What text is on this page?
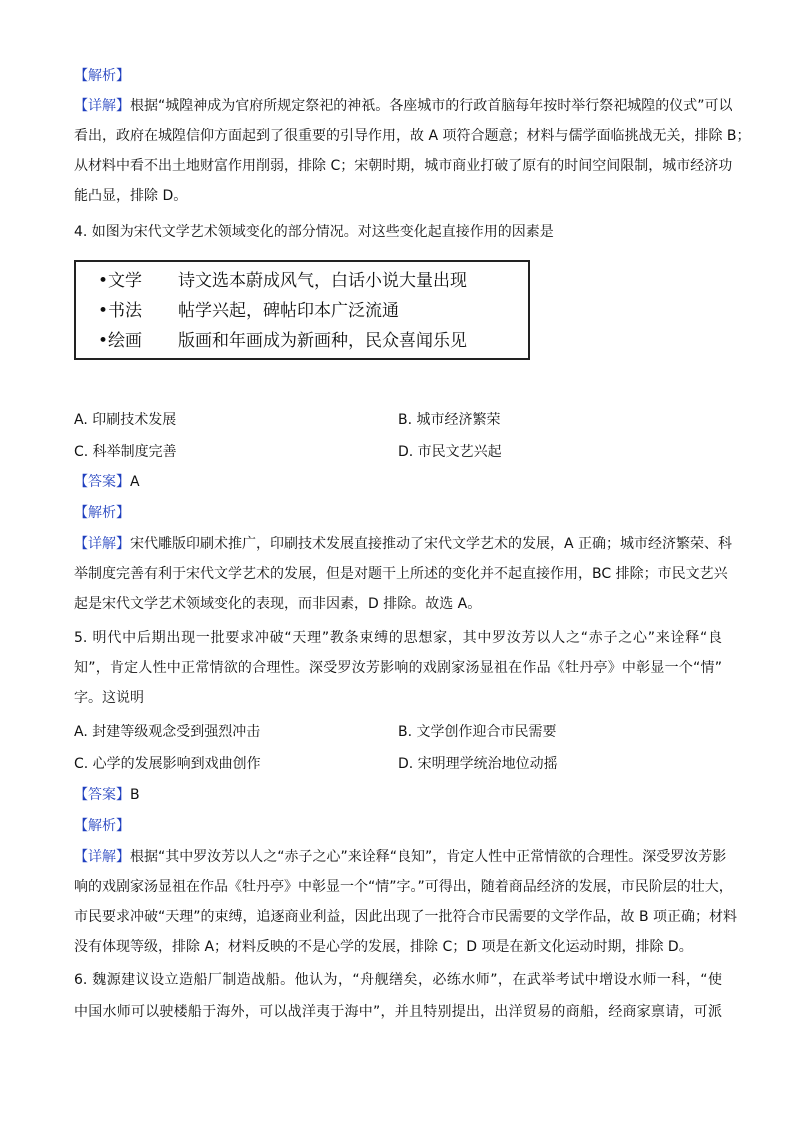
【解析】
【详解】根据“城隍神成为官府所规定祭祀的神祇。各座城市的行政首脑每年按时举行祭祀城隍的仪式”可以
看出，政府在城隍信仰方面起到了很重要的引导作用，故 A 项符合题意；材料与儒学面临挑战无关，排除 B；
从材料中看不出土地财富作用削弱，排除 C；宋朝时期，城市商业打破了原有的时间空间限制，城市经济功
能凸显，排除 D。
4. 如图为宋代文学艺术领域变化的部分情况。对这些变化起直接作用的因素是
•文学 诗文选本蔚成风气，白话小说大量出现
•书法 帖学兴起，碑帖印本广泛流通
•绘画 版画和年画成为新画种，民众喜闻乐见
A. 印刷技术发展	B. 城市经济繁荣
C. 科举制度完善	D. 市民文艺兴起
【答案】A
【解析】
【详解】宋代雕版印刷术推广，印刷技术发展直接推动了宋代文学艺术的发展，A 正确；城市经济繁荣、科
举制度完善有利于宋代文学艺术的发展，但是对题干上所述的变化并不起直接作用，BC 排除；市民文艺兴
起是宋代文学艺术领域变化的表现，而非因素，D 排除。故选 A。
5. 明代中后期出现一批要求冲破“天理”教条束缚的思想家，其中罗汝芳以人之“赤子之心”来诠释“良
知”，肯定人性中正常情欲的合理性。深受罗汝芳影响的戏剧家汤显祖在作品《牡丹亭》中彰显一个“情”
字。这说明
A. 封建等级观念受到强烈冲击	B. 文学创作迎合市民需要
C. 心学的发展影响到戏曲创作	D. 宋明理学统治地位动摇
【答案】B
【解析】
【详解】根据“其中罗汝芳以人之“赤子之心”来诠释“良知”，肯定人性中正常情欲的合理性。深受罗汝芳影
响的戏剧家汤显祖在作品《牡丹亭》中彰显一个“情”字。”可得出，随着商品经济的发展，市民阶层的壮大，
市民要求冲破“天理”的束缚，追逐商业利益，因此出现了一批符合市民需要的文学作品，故 B 项正确；材料
没有体现等级，排除 A；材料反映的不是心学的发展，排除 C；D 项是在新文化运动时期，排除 D。
6. 魏源建议设立造船厂制造战船。他认为，“舟舰缮矣，必练水师”，在武举考试中增设水师一科，“使
中国水师可以驶楼船于海外，可以战洋夷于海中”，并且特别提出，出洋贸易的商船，经商家禀请，可派
